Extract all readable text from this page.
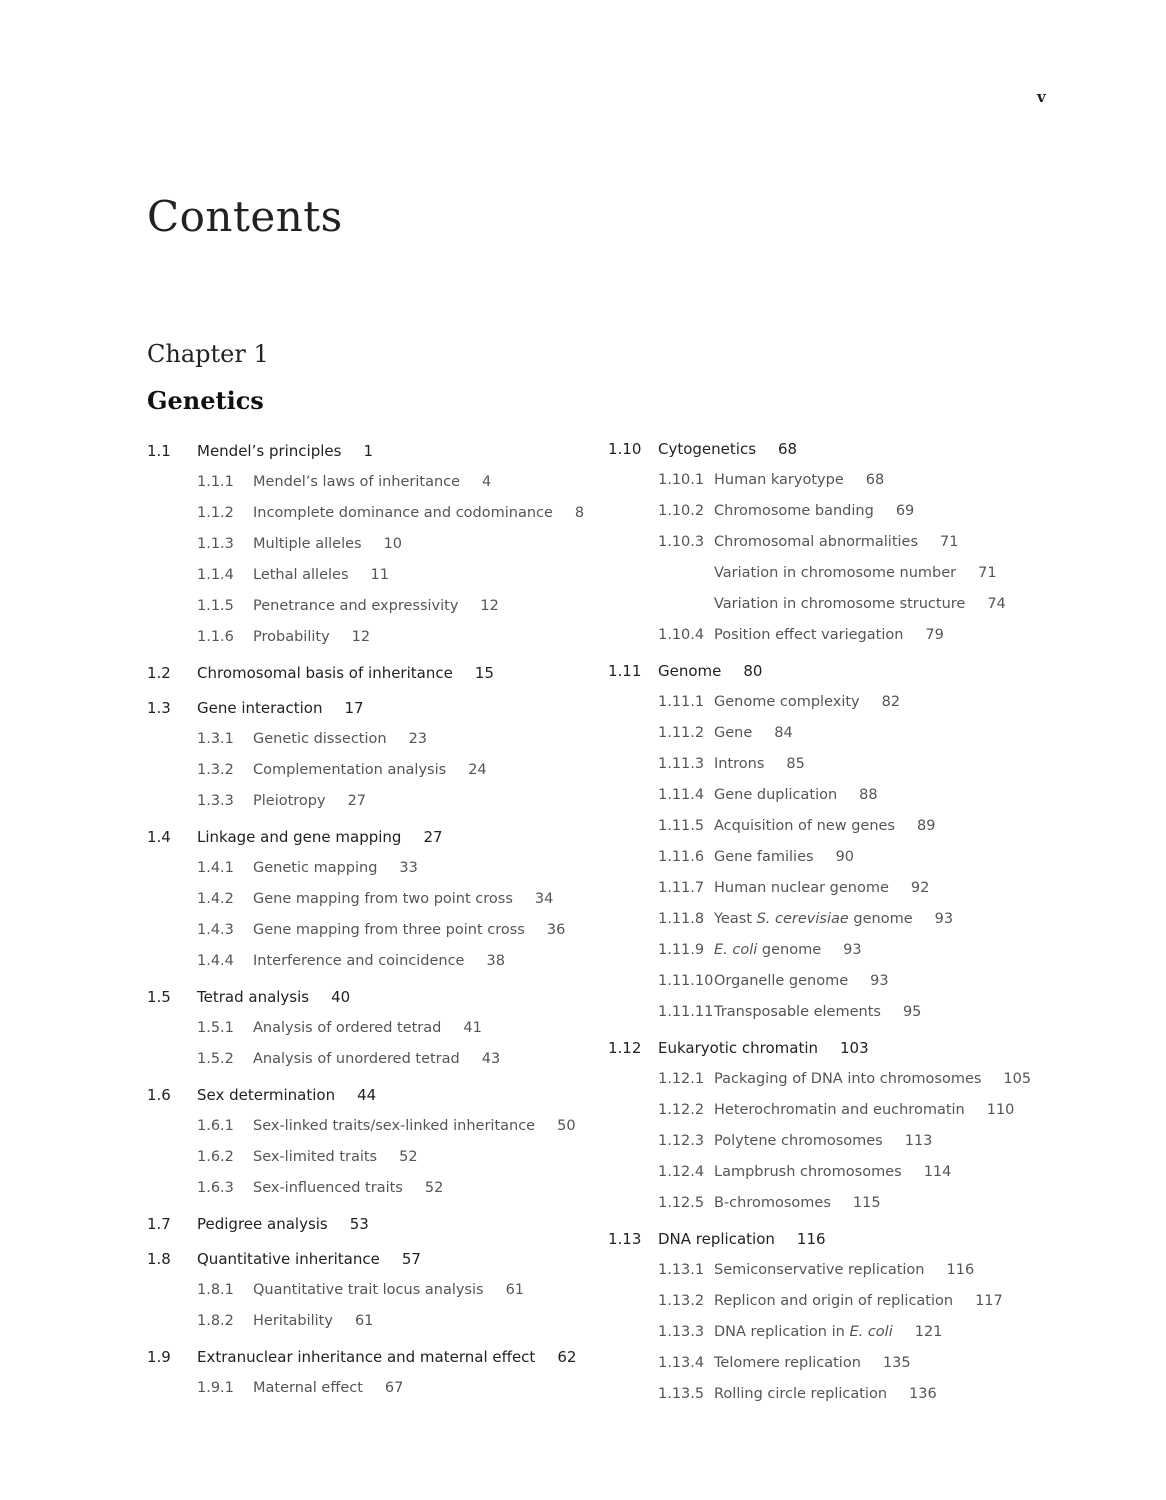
v
Contents
Chapter 1
Genetics
1.1 Mendel’s principles 1
1.1.1 Mendel’s laws of inheritance 4
1.1.2 Incomplete dominance and codominance 8
1.1.3 Multiple alleles 10
1.1.4 Lethal alleles 11
1.1.5 Penetrance and expressivity 12
1.1.6 Probability 12
1.2 Chromosomal basis of inheritance 15
1.3 Gene interaction 17
1.3.1 Genetic dissection 23
1.3.2 Complementation analysis 24
1.3.3 Pleiotropy 27
1.4 Linkage and gene mapping 27
1.4.1 Genetic mapping 33
1.4.2 Gene mapping from two point cross 34
1.4.3 Gene mapping from three point cross 36
1.4.4 Interference and coincidence 38
1.5 Tetrad analysis 40
1.5.1 Analysis of ordered tetrad 41
1.5.2 Analysis of unordered tetrad 43
1.6 Sex determination 44
1.6.1 Sex-linked traits/sex-linked inheritance 50
1.6.2 Sex-limited traits 52
1.6.3 Sex-influenced traits 52
1.7 Pedigree analysis 53
1.8 Quantitative inheritance 57
1.8.1 Quantitative trait locus analysis 61
1.8.2 Heritability 61
1.9 Extranuclear inheritance and maternal effect 62
1.9.1 Maternal effect 67
1.10 Cytogenetics 68
1.10.1 Human karyotype 68
1.10.2 Chromosome banding 69
1.10.3 Chromosomal abnormalities 71
Variation in chromosome number 71
Variation in chromosome structure 74
1.10.4 Position effect variegation 79
1.11 Genome 80
1.11.1 Genome complexity 82
1.11.2 Gene 84
1.11.3 Introns 85
1.11.4 Gene duplication 88
1.11.5 Acquisition of new genes 89
1.11.6 Gene families 90
1.11.7 Human nuclear genome 92
1.11.8 Yeast S. cerevisiae genome 93
1.11.9 E. coli genome 93
1.11.10 Organelle genome 93
1.11.11 Transposable elements 95
1.12 Eukaryotic chromatin 103
1.12.1 Packaging of DNA into chromosomes 105
1.12.2 Heterochromatin and euchromatin 110
1.12.3 Polytene chromosomes 113
1.12.4 Lampbrush chromosomes 114
1.12.5 B-chromosomes 115
1.13 DNA replication 116
1.13.1 Semiconservative replication 116
1.13.2 Replicon and origin of replication 117
1.13.3 DNA replication in E. coli 121
1.13.4 Telomere replication 135
1.13.5 Rolling circle replication 136
